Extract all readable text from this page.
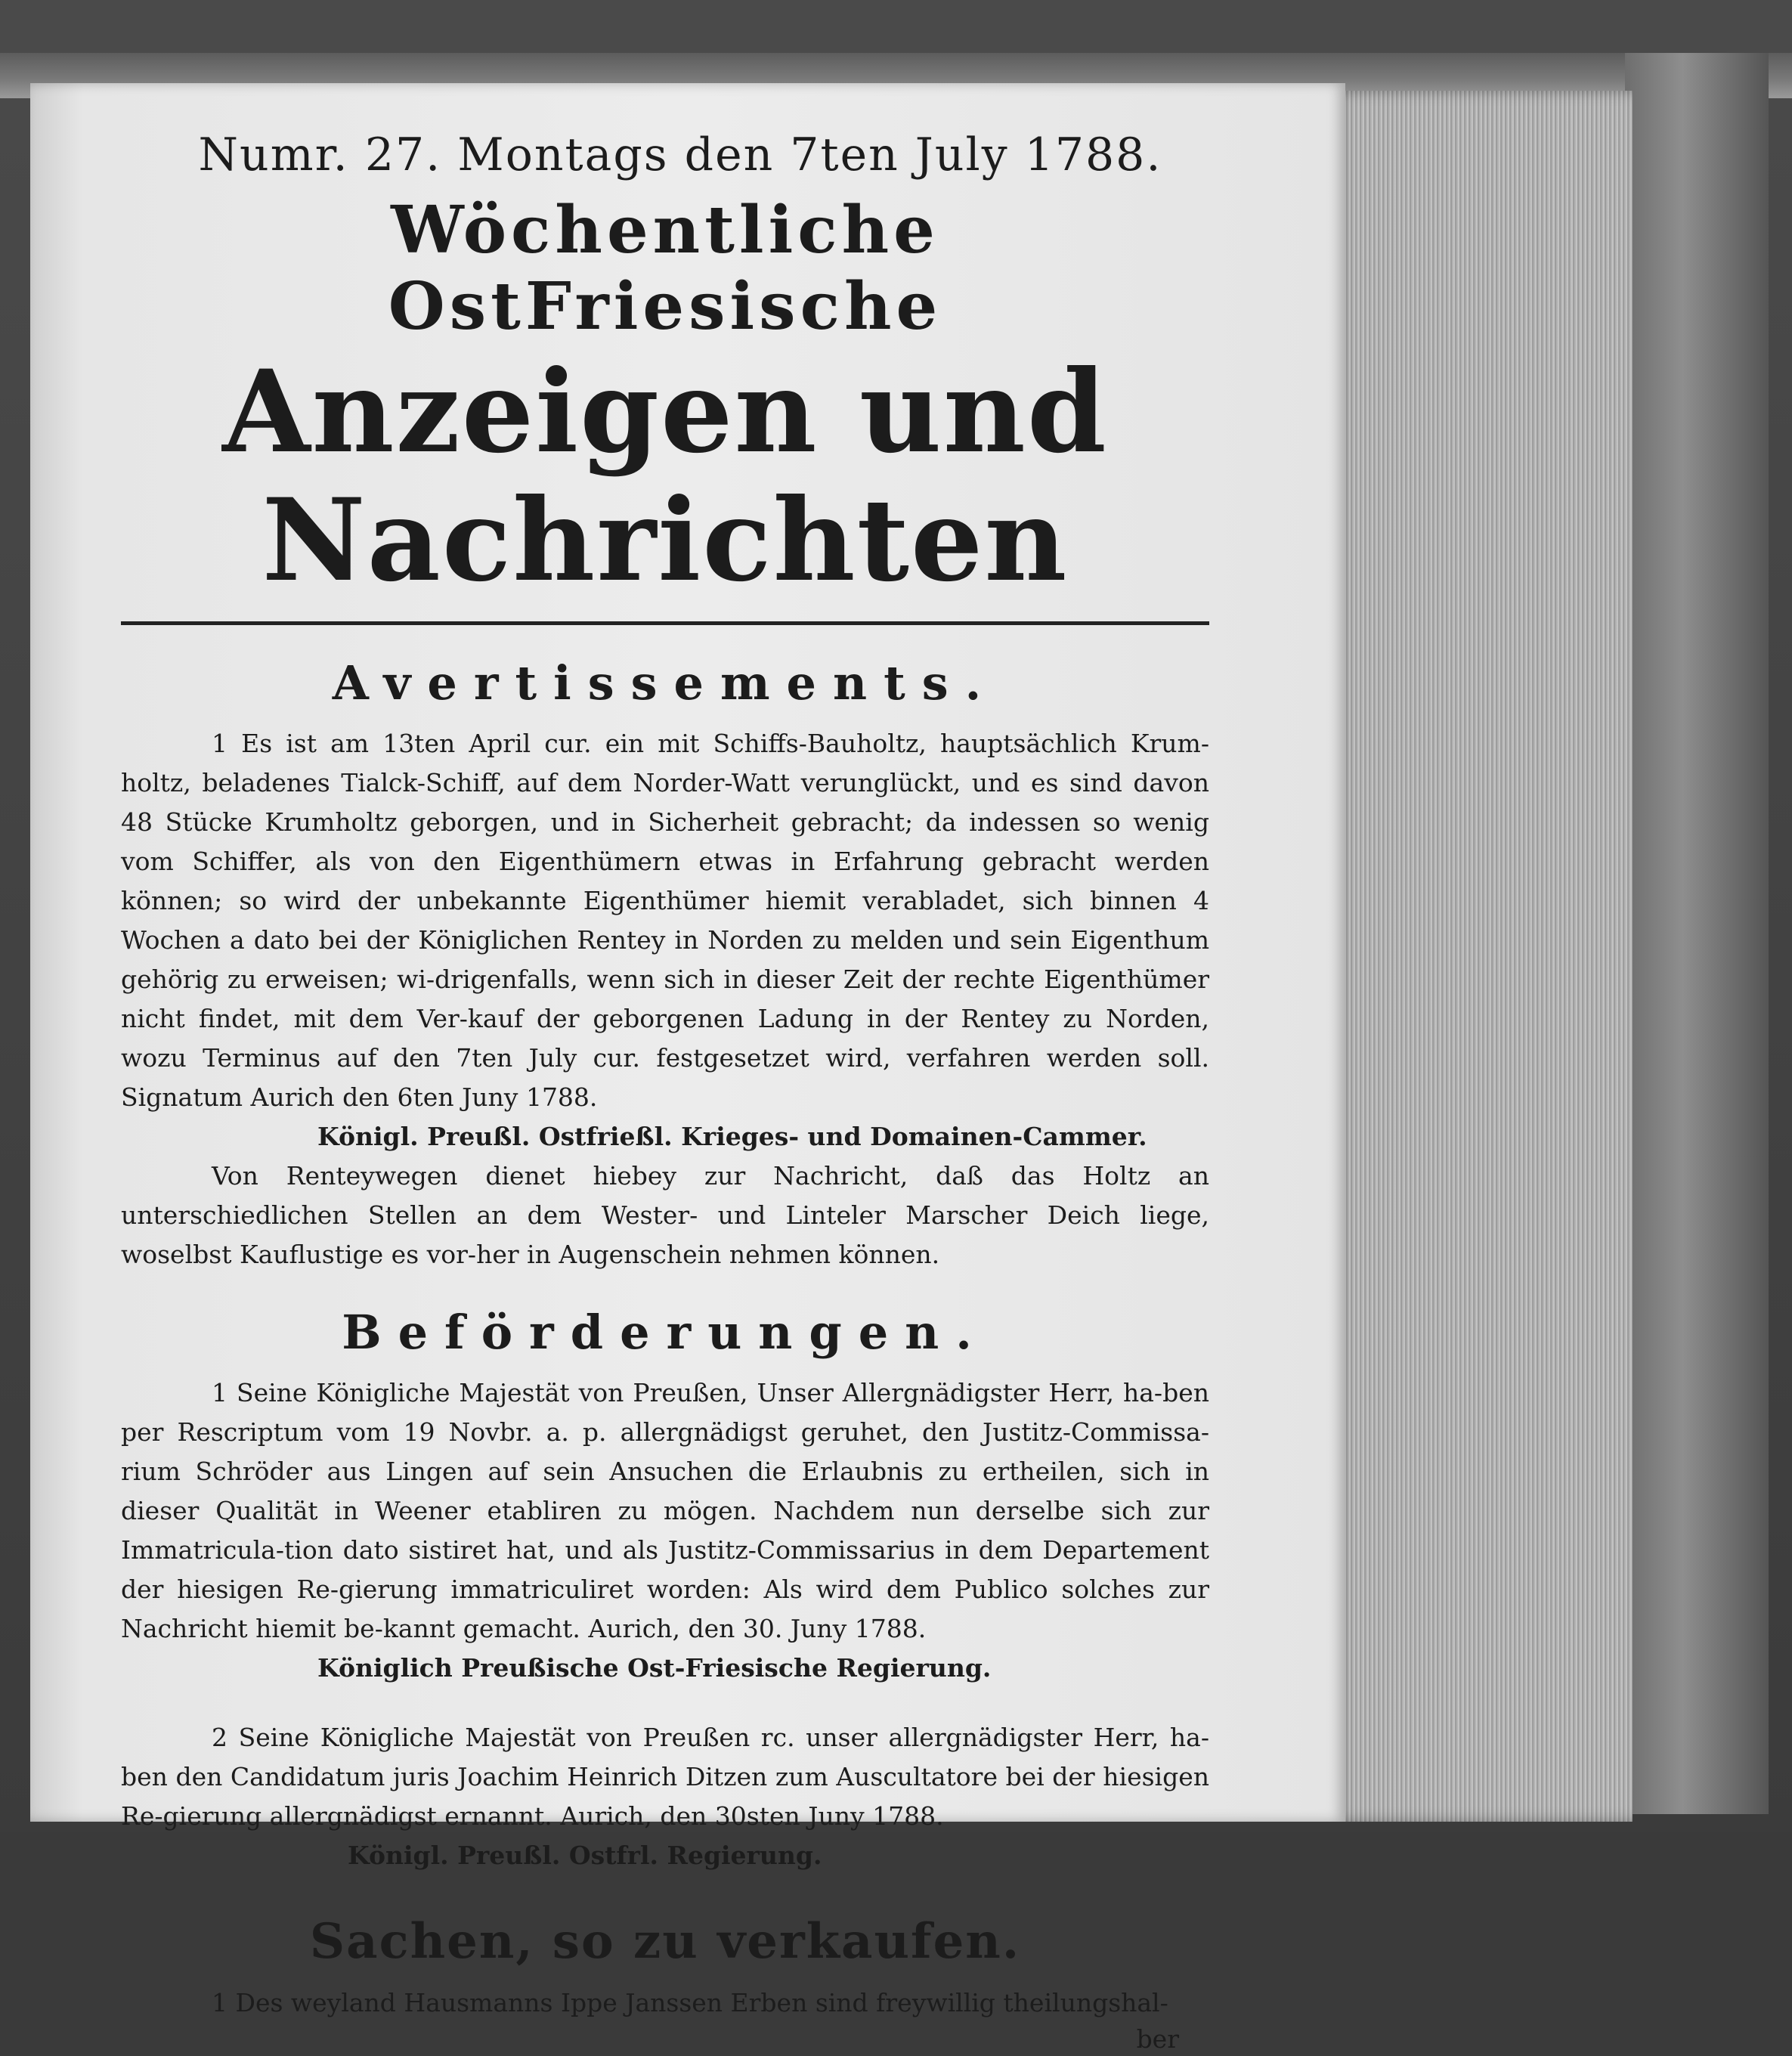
Numr. 27. Montags den 7ten July 1788.
Wöchentliche OstFriesische
Anzeigen und Nachrichten
Avertissements.

1 Es ist am 13ten April cur. ein mit Schiffs-Bauholtz, hauptsächlich Krum-holtz, beladenes Tialck-Schiff, auf dem Norder-Watt verunglückt, und es sind davon 48 Stücke Krumholtz geborgen, und in Sicherheit gebracht; da indessen so wenig vom Schiffer, als von den Eigenthümern etwas in Erfahrung gebracht werden können; so wird der unbekannte Eigenthümer hiemit verabladet, sich binnen 4 Wochen a dato bei der Königlichen Rentey in Norden zu melden und sein Eigenthum gehörig zu erweisen; wi-drigenfalls, wenn sich in dieser Zeit der rechte Eigenthümer nicht findet, mit dem Ver-kauf der geborgenen Ladung in der Rentey zu Norden, wozu Terminus auf den 7ten July cur. festgesetzet wird, verfahren werden soll. Signatum Aurich den 6ten Juny 1788.

Königl. Preußl. Ostfrießl. Krieges- und Domainen-Cammer.

Von Renteywegen dienet hiebey zur Nachricht, daß das Holtz an unterschiedlichen Stellen an dem Wester- und Linteler Marscher Deich liege, woselbst Kauflustige es vor-her in Augenschein nehmen können.

Beförderungen.

1 Seine Königliche Majestät von Preußen, Unser Allergnädigster Herr, ha-ben per Rescriptum vom 19 Novbr. a. p. allergnädigst geruhet, den Justitz-Commissa-rium Schröder aus Lingen auf sein Ansuchen die Erlaubnis zu ertheilen, sich in dieser Qualität in Weener etabliren zu mögen. Nachdem nun derselbe sich zur Immatricula-tion dato sistiret hat, und als Justitz-Commissarius in dem Departement der hiesigen Re-gierung immatriculiret worden: Als wird dem Publico solches zur Nachricht hiemit be-kannt gemacht. Aurich, den 30. Juny 1788.

Königlich Preußische Ost-Friesische Regierung.

2 Seine Königliche Majestät von Preußen rc. unser allergnädigster Herr, ha-ben den Candidatum juris Joachim Heinrich Ditzen zum Auscultatore bei der hiesigen Re-gierung allergnädigst ernannt. Aurich, den 30sten Juny 1788.

Königl. Preußl. Ostfrl. Regierung.
Sachen, so zu verkaufen.

1 Des weyland Hausmanns Ippe Janssen Erben sind freywillig theilungshal-

ber
